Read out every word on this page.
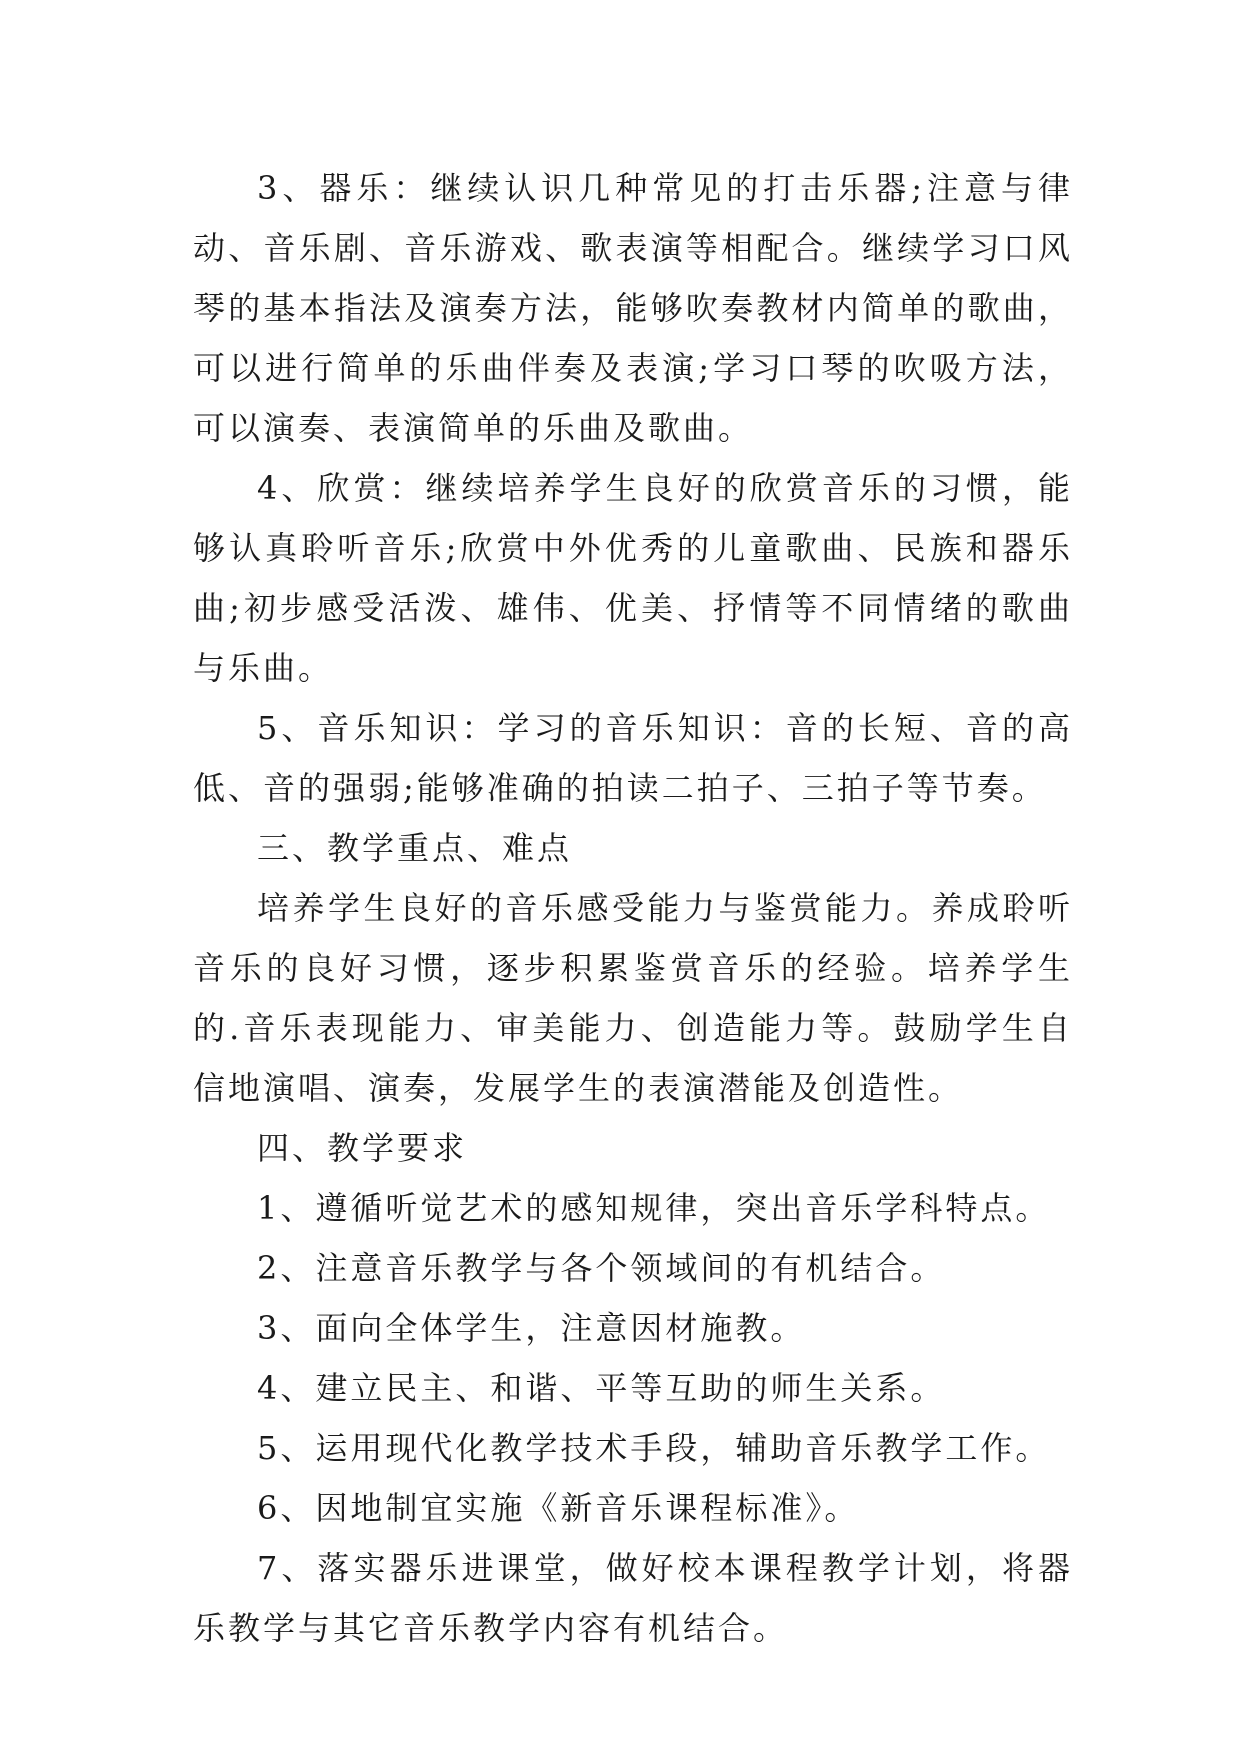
3、器乐：继续认识几种常见的打击乐器;注意与律动、音乐剧、音乐游戏、歌表演等相配合。继续学习口风琴的基本指法及演奏方法，能够吹奏教材内简单的歌曲，可以进行简单的乐曲伴奏及表演;学习口琴的吹吸方法，可以演奏、表演简单的乐曲及歌曲。

4、欣赏：继续培养学生良好的欣赏音乐的习惯，能够认真聆听音乐;欣赏中外优秀的儿童歌曲、民族和器乐曲;初步感受活泼、雄伟、优美、抒情等不同情绪的歌曲与乐曲。

5、音乐知识：学习的音乐知识：音的长短、音的高低、音的强弱;能够准确的拍读二拍子、三拍子等节奏。

三、教学重点、难点

培养学生良好的音乐感受能力与鉴赏能力。养成聆听音乐的良好习惯，逐步积累鉴赏音乐的经验。培养学生的.音乐表现能力、审美能力、创造能力等。鼓励学生自信地演唱、演奏，发展学生的表演潜能及创造性。

四、教学要求

1、遵循听觉艺术的感知规律，突出音乐学科特点。

2、注意音乐教学与各个领域间的有机结合。

3、面向全体学生，注意因材施教。

4、建立民主、和谐、平等互助的师生关系。

5、运用现代化教学技术手段，辅助音乐教学工作。

6、因地制宜实施《新音乐课程标准》。

7、落实器乐进课堂，做好校本课程教学计划，将器乐教学与其它音乐教学内容有机结合。
